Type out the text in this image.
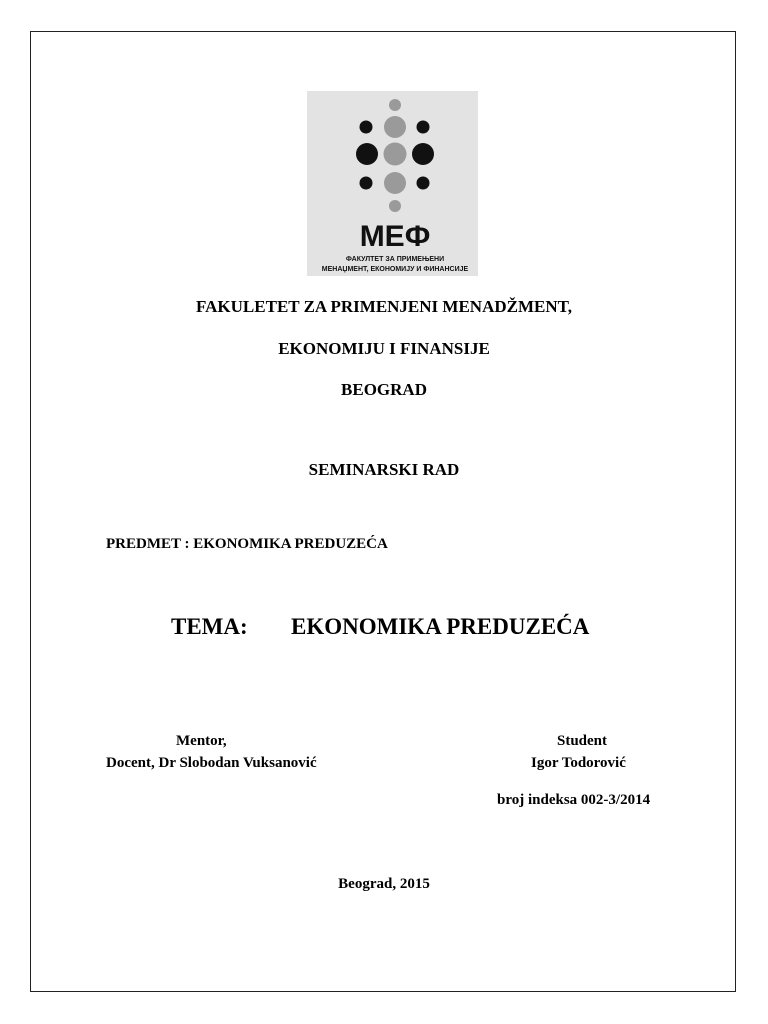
МЕФ
ФАКУЛТЕТ ЗА ПРИМЕЊЕНИ
МЕНАЏМЕНТ, ЕКОНОМИЈУ И ФИНАНСИЈЕ
FAKULETET ZA PRIMENJENI MENADŽMENT,
EKONOMIJU I FINANSIJE
BEOGRAD
SEMINARSKI RAD
PREDMET : EKONOMIKA PREDUZEĆA
TEMA: EKONOMIKA PREDUZEĆA
Mentor,
Docent, Dr Slobodan Vuksanović
Student
Igor Todorović
broj indeksa 002-3/2014
Beograd, 2015
